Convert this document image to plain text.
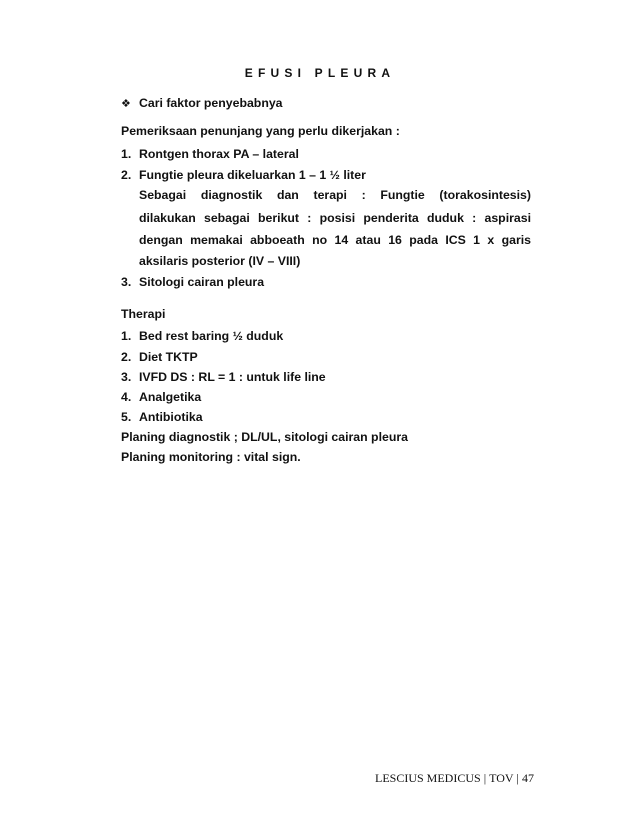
EFUSI PLEURA
❖ Cari faktor penyebabnya
Pemeriksaan penunjang yang perlu dikerjakan :
1. Rontgen thorax PA – lateral
2. Fungtie pleura dikeluarkan 1 – 1 ½ liter
Sebagai diagnostik dan terapi : Fungtie (torakosintesis)
dilakukan sebagai berikut : posisi penderita duduk : aspirasi
dengan memakai abboeath no 14 atau 16 pada ICS 1 x garis
aksilaris posterior (IV – VIII)
3. Sitologi cairan pleura
Therapi
1. Bed rest baring ½ duduk
2. Diet TKTP
3. IVFD DS : RL = 1 : untuk life line
4. Analgetika
5. Antibiotika
Planing diagnostik ; DL/UL, sitologi cairan pleura
Planing monitoring : vital sign.
LESCIUS MEDICUS | TOV | 47
